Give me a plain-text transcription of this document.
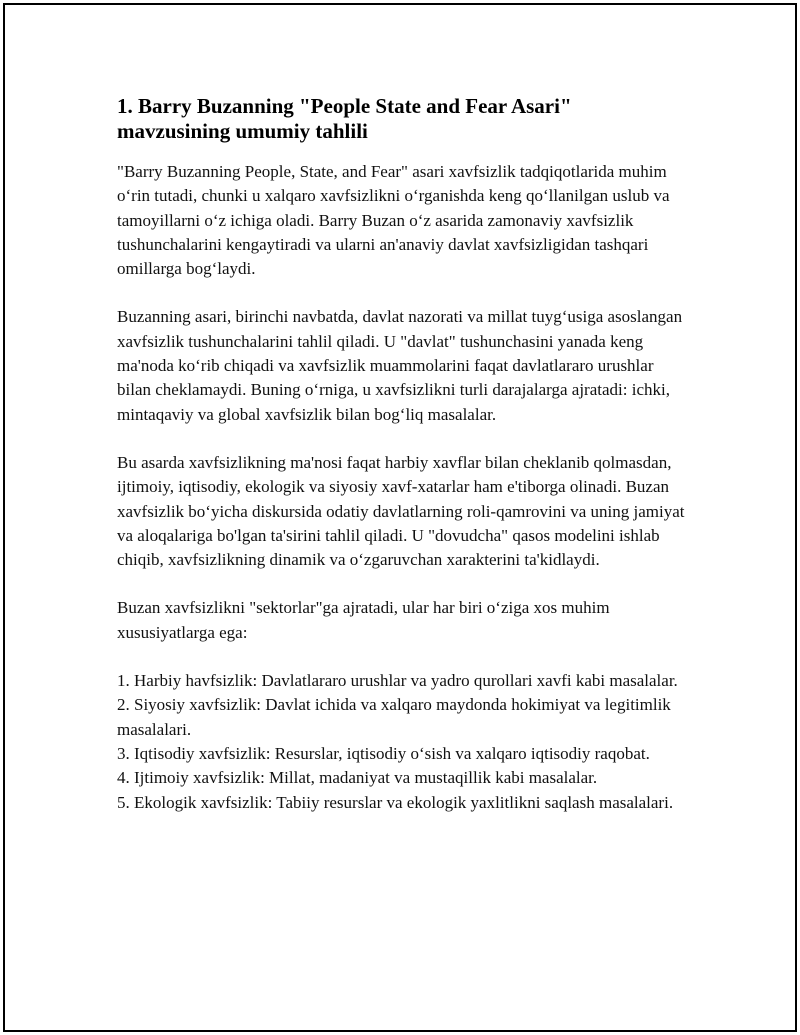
1. Barry Buzanning "People State and Fear Asari" mavzusining umumiy tahlili

"Barry Buzanning People, State, and Fear" asari xavfsizlik tadqiqotlarida muhim o‘rin tutadi, chunki u xalqaro xavfsizlikni o‘rganishda keng qo‘llanilgan uslub va tamoyillarni o‘z ichiga oladi. Barry Buzan o‘z asarida zamonaviy xavfsizlik tushunchalarini kengaytiradi va ularni an'anaviy davlat xavfsizligidan tashqari omillarga bog‘laydi.

Buzanning asari, birinchi navbatda, davlat nazorati va millat tuyg‘usiga asoslangan xavfsizlik tushunchalarini tahlil qiladi. U "davlat" tushunchasini yanada keng ma'noda ko‘rib chiqadi va xavfsizlik muammolarini faqat davlatlararo urushlar bilan cheklamaydi. Buning o‘rniga, u xavfsizlikni turli darajalarga ajratadi: ichki, mintaqaviy va global xavfsizlik bilan bog‘liq masalalar.

Bu asarda xavfsizlikning ma'nosi faqat harbiy xavflar bilan cheklanib qolmasdan, ijtimoiy, iqtisodiy, ekologik va siyosiy xavf-xatarlar ham e'tiborga olinadi. Buzan xavfsizlik bo‘yicha diskursida odatiy davlatlarning roli-qamrovini va uning jamiyat va aloqalariga bo'lgan ta'sirini tahlil qiladi. U "dovudcha" qasos modelini ishlab chiqib, xavfsizlikning dinamik va o‘zgaruvchan xarakterini ta'kidlaydi.

Buzan xavfsizlikni "sektorlar"ga ajratadi, ular har biri o‘ziga xos muhim xususiyatlarga ega:

1. Harbiy havfsizlik: Davlatlararo urushlar va yadro qurollari xavfi kabi masalalar.

2. Siyosiy xavfsizlik: Davlat ichida va xalqaro maydonda hokimiyat va legitimlik masalalari.

3. Iqtisodiy xavfsizlik: Resurslar, iqtisodiy o‘sish va xalqaro iqtisodiy raqobat.

4. Ijtimoiy xavfsizlik: Millat, madaniyat va mustaqillik kabi masalalar.

5. Ekologik xavfsizlik: Tabiiy resurslar va ekologik yaxlitlikni saqlash masalalari.
